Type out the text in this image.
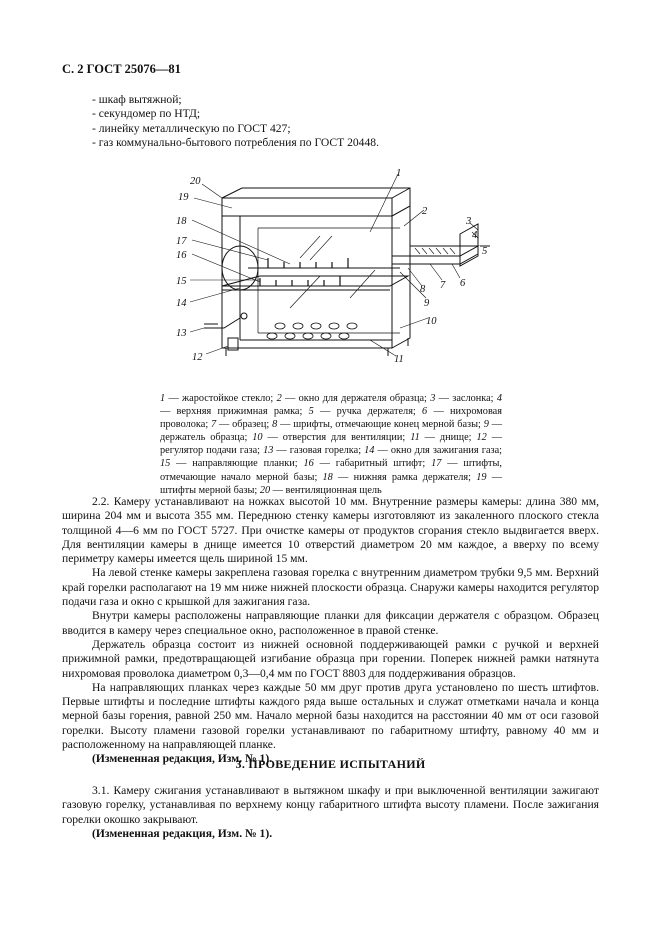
С. 2 ГОСТ 25076—81
- шкаф вытяжной;
- секундомер по НТД;
- линейку металлическую по ГОСТ 427;
- газ коммунально-бытового потребления по ГОСТ 20448.
1
2
3
4
5
6
7
8
9
10
11
12
13
14
15
16
17
18
19
20
1 — жаростойкое стекло; 2 — окно для держателя образца; 3 — заслонка; 4 — верхняя прижимная рамка; 5 — ручка держателя; 6 — нихромовая проволока; 7 — образец; 8 — шрифты, отмечающие конец мерной базы; 9 — держатель образца; 10 — отверстия для вентиляции; 11 — днище; 12 — регулятор подачи газа; 13 — газовая горелка; 14 — окно для зажигания газа; 15 — направляющие планки; 16 — габаритный штифт; 17 — штифты, отмечающие начало мерной базы; 18 — нижняя рамка держателя; 19 — штифты мерной базы; 20 — вентиляционная щель

2.2. Камеру устанавливают на ножках высотой 10 мм. Внутренние размеры камеры: длина 380 мм, ширина 204 мм и высота 355 мм. Переднюю стенку камеры изготовляют из закаленного плоского стекла толщиной 4—6 мм по ГОСТ 5727. При очистке камеры от продуктов сгорания стекло выдвигается вверх. Для вентиляции камеры в днище имеется 10 отверстий диаметром 20 мм каждое, а вверху по всему периметру камеры имеется щель шириной 15 мм.

На левой стенке камеры закреплена газовая горелка с внутренним диаметром трубки 9,5 мм. Верхний край горелки располагают на 19 мм ниже нижней плоскости образца. Снаружи камеры находится регулятор подачи газа и окно с крышкой для зажигания газа.

Внутри камеры расположены направляющие планки для фиксации держателя с образцом. Образец вводится в камеру через специальное окно, расположенное в правой стенке.

Держатель образца состоит из нижней основной поддерживающей рамки с ручкой и верхней прижимной рамки, предотвращающей изгибание образца при горении. Поперек нижней рамки натянута нихромовая проволока диаметром 0,3—0,4 мм по ГОСТ 8803 для поддерживания образцов.

На направляющих планках через каждые 50 мм друг против друга установлено по шесть штифтов. Первые штифты и последние штифты каждого ряда выше остальных и служат отметками начала и конца мерной базы горения, равной 250 мм. Начало мерной базы находится на расстоянии 40 мм от оси газовой горелки. Высоту пламени газовой горелки устанавливают по габаритному штифту, равному 40 мм и расположенному на направляющей планке.

(Измененная редакция, Изм. № 1).

3. ПРОВЕДЕНИЕ ИСПЫТАНИЙ

3.1. Камеру сжигания устанавливают в вытяжном шкафу и при выключенной вентиляции зажигают газовую горелку, устанавливая по верхнему концу габаритного штифта высоту пламени. После зажигания горелки окошко закрывают.

(Измененная редакция, Изм. № 1).
